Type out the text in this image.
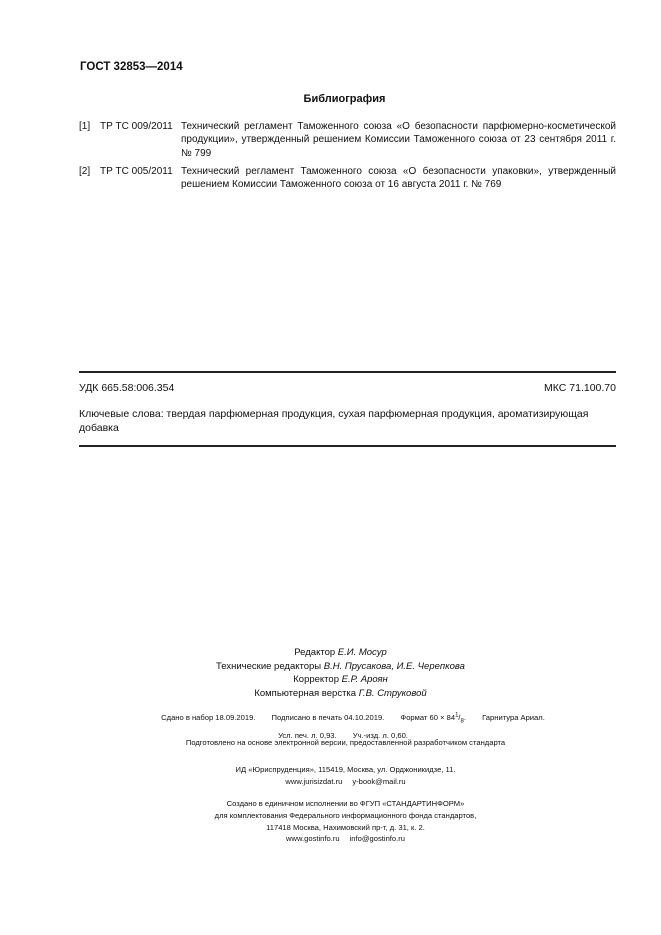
ГОСТ 32853—2014
Библиография
[1] ТР ТС 009/2011 Технический регламент Таможенного союза «О безопасности парфюмерно-косметической продукции», утвержденный решением Комиссии Таможенного союза от 23 сентября 2011 г. № 799
[2] ТР ТС 005/2011 Технический регламент Таможенного союза «О безопасности упаковки», утвержденный решением Комиссии Таможенного союза от 16 августа 2011 г. № 769
УДК 665.58:006.354	МКС 71.100.70
Ключевые слова: твердая парфюмерная продукция, сухая парфюмерная продукция, ароматизирующая добавка
Редактор Е.И. Мосур
Технические редакторы В.Н. Прусакова, И.Е. Черепкова
Корректор Е.Р. Ароян
Компьютерная верстка Г.В. Струковой
Сдано в набор 18.09.2019. Подписано в печать 04.10.2019. Формат $60 \times 84^1/_8$. Гарнитура Ариал.
Усл. печ. л. 0,93. Уч.-изд. л. 0,60.
Подготовлено на основе электронной версии, предоставленной разработчиком стандарта
ИД «Юриспруденция», 115419, Москва, ул. Орджоникидзе, 11.
www.jurisizdat.ru y-book@mail.ru
Создано в единичном исполнении во ФГУП «СТАНДАРТИНФОРМ»
для комплектования Федерального информационного фонда стандартов,
117418 Москва, Нахимовский пр-т, д. 31, к. 2.
www.gostinfo.ru info@gostinfo.ru
